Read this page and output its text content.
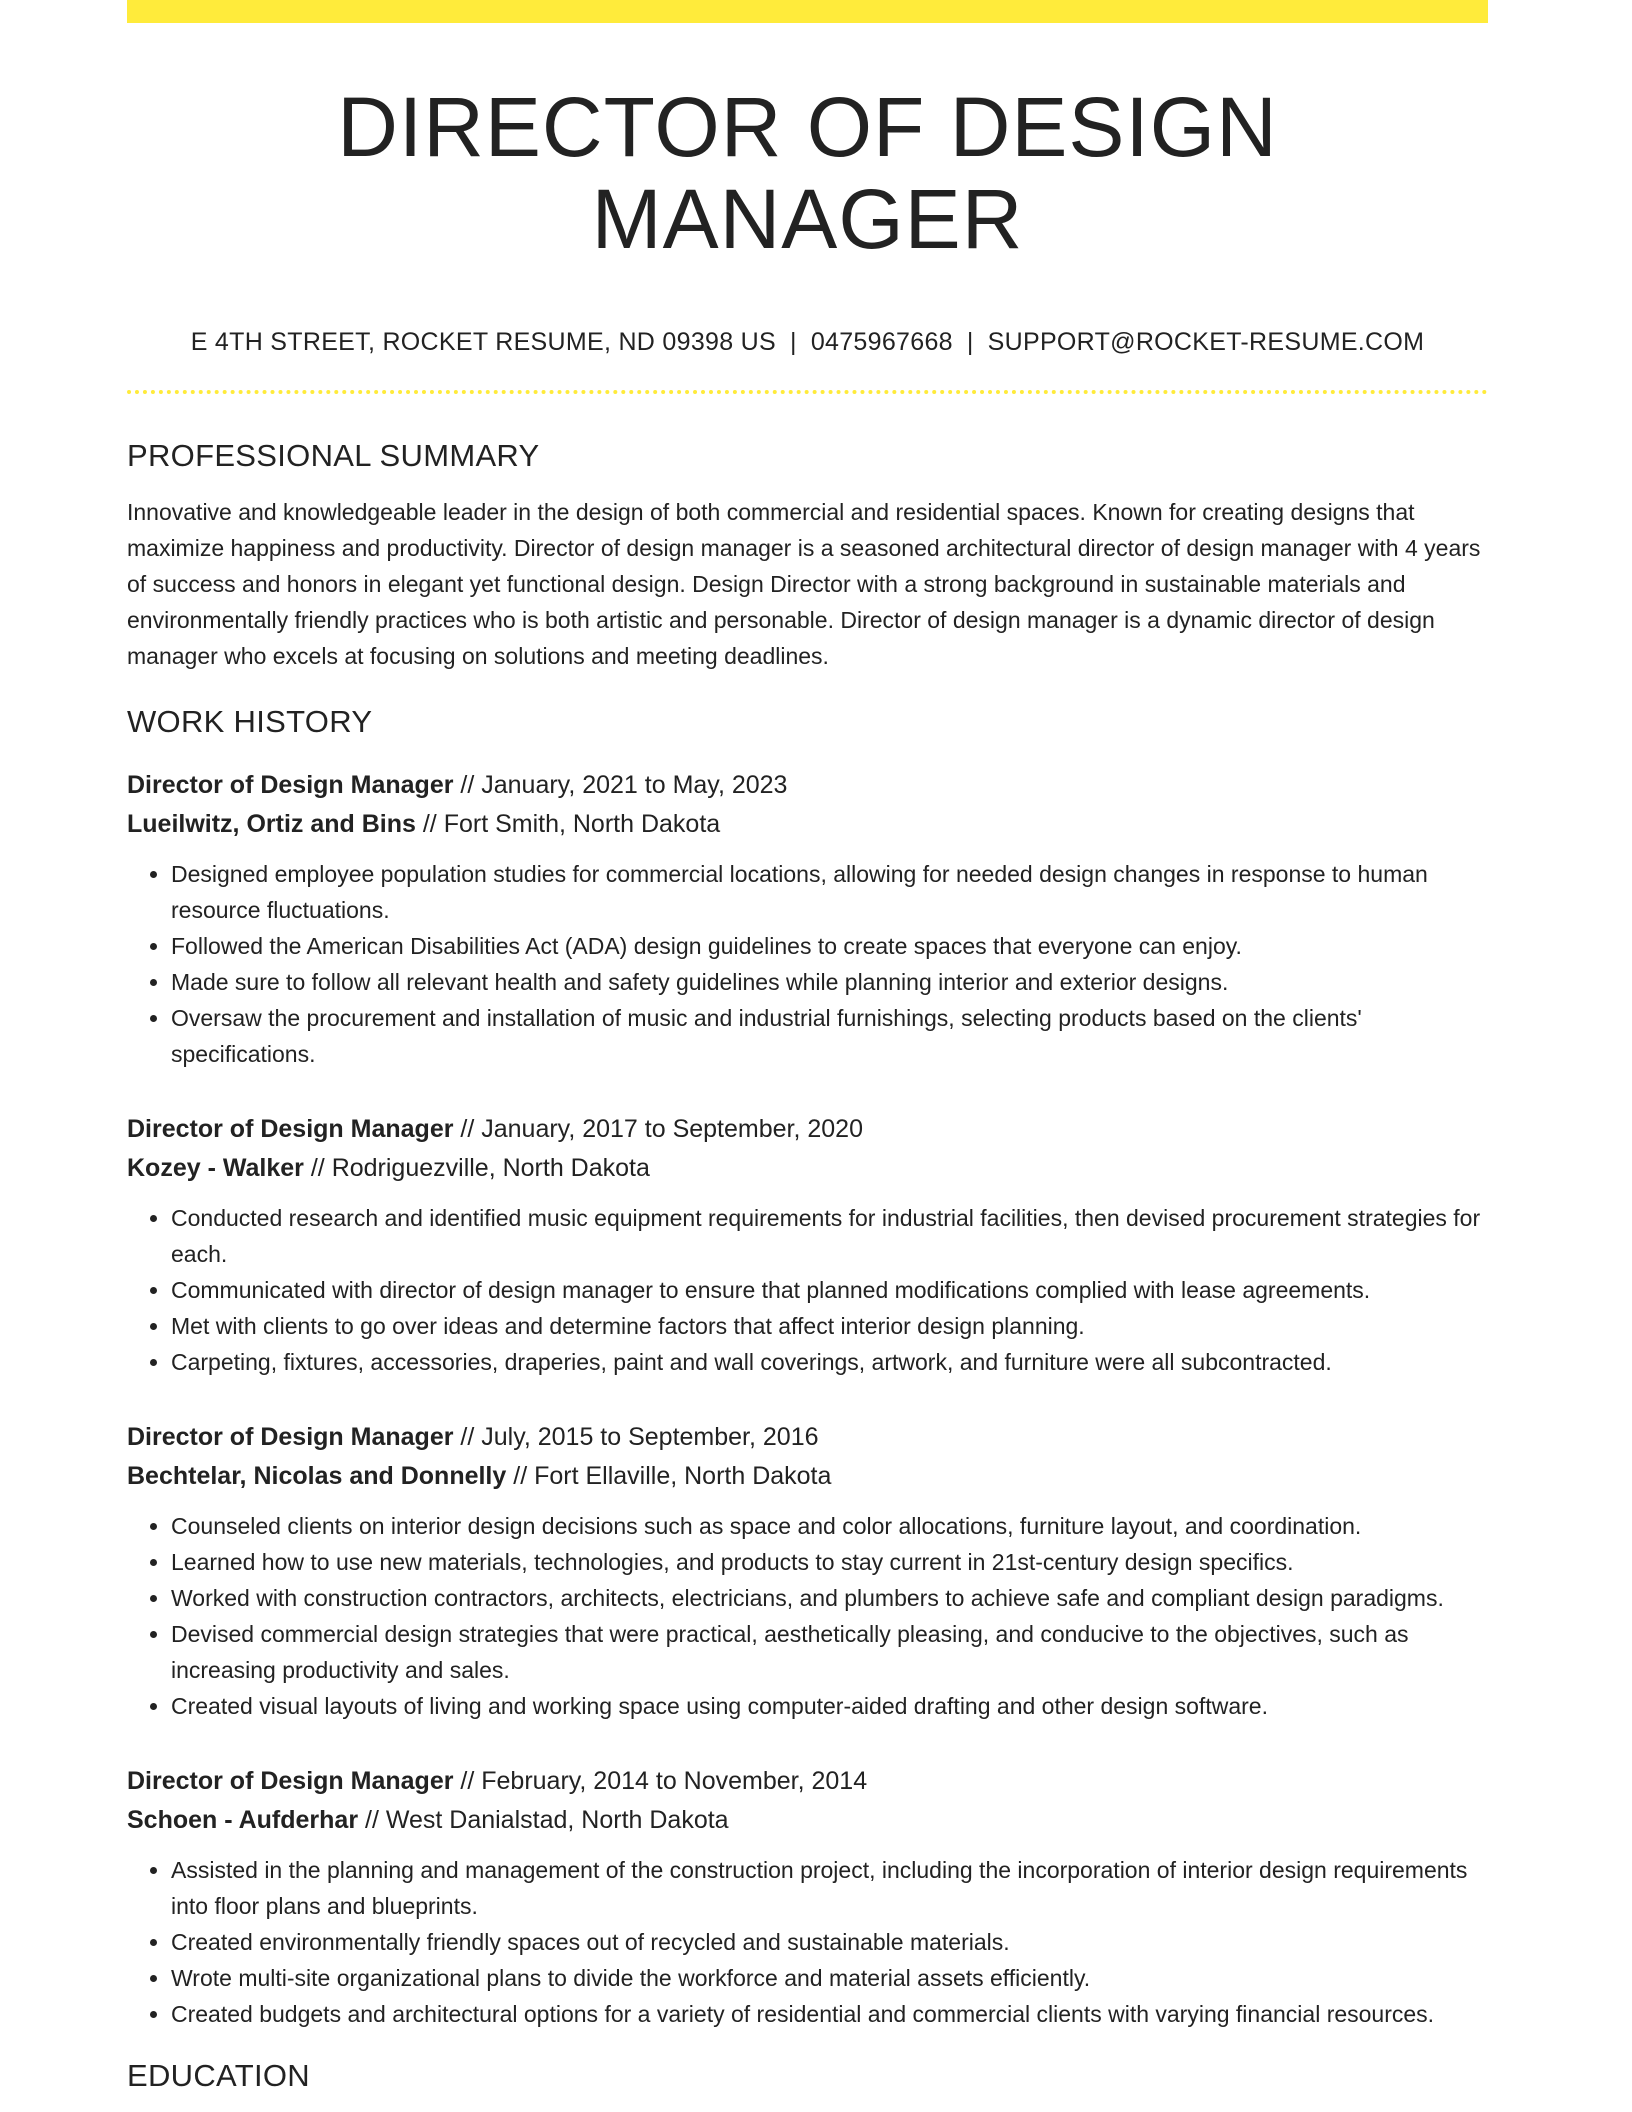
DIRECTOR OF DESIGN MANAGER
E 4TH STREET, ROCKET RESUME, ND 09398 US | 0475967668 | SUPPORT@ROCKET-RESUME.COM
PROFESSIONAL SUMMARY

Innovative and knowledgeable leader in the design of both commercial and residential spaces. Known for creating designs that maximize happiness and productivity. Director of design manager is a seasoned architectural director of design manager with 4 years of success and honors in elegant yet functional design. Design Director with a strong background in sustainable materials and environmentally friendly practices who is both artistic and personable. Director of design manager is a dynamic director of design manager who excels at focusing on solutions and meeting deadlines.

WORK HISTORY
Director of Design Manager // January, 2021 to May, 2023
Lueilwitz, Ortiz and Bins // Fort Smith, North Dakota
• Designed employee population studies for commercial locations, allowing for needed design changes in response to human resource fluctuations.
• Followed the American Disabilities Act (ADA) design guidelines to create spaces that everyone can enjoy.
• Made sure to follow all relevant health and safety guidelines while planning interior and exterior designs.
• Oversaw the procurement and installation of music and industrial furnishings, selecting products based on the clients' specifications.
Director of Design Manager // January, 2017 to September, 2020
Kozey - Walker // Rodriguezville, North Dakota
• Conducted research and identified music equipment requirements for industrial facilities, then devised procurement strategies for each.
• Communicated with director of design manager to ensure that planned modifications complied with lease agreements.
• Met with clients to go over ideas and determine factors that affect interior design planning.
• Carpeting, fixtures, accessories, draperies, paint and wall coverings, artwork, and furniture were all subcontracted.
Director of Design Manager // July, 2015 to September, 2016
Bechtelar, Nicolas and Donnelly // Fort Ellaville, North Dakota
• Counseled clients on interior design decisions such as space and color allocations, furniture layout, and coordination.
• Learned how to use new materials, technologies, and products to stay current in 21st-century design specifics.
• Worked with construction contractors, architects, electricians, and plumbers to achieve safe and compliant design paradigms.
• Devised commercial design strategies that were practical, aesthetically pleasing, and conducive to the objectives, such as increasing productivity and sales.
• Created visual layouts of living and working space using computer-aided drafting and other design software.
Director of Design Manager // February, 2014 to November, 2014
Schoen - Aufderhar // West Danialstad, North Dakota
• Assisted in the planning and management of the construction project, including the incorporation of interior design requirements into floor plans and blueprints.
• Created environmentally friendly spaces out of recycled and sustainable materials.
• Wrote multi-site organizational plans to divide the workforce and material assets efficiently.
• Created budgets and architectural options for a variety of residential and commercial clients with varying financial resources.
EDUCATION
